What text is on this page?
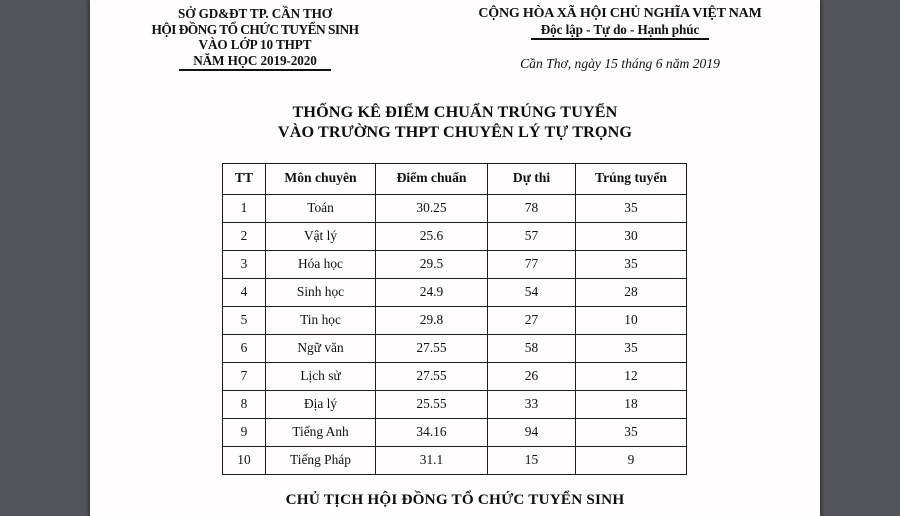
SỞ GD&ĐT TP. CẦN THƠ
HỘI ĐỒNG TỔ CHỨC TUYỂN SINH
VÀO LỚP 10 THPT
NĂM HỌC 2019-2020
CỘNG HÒA XÃ HỘI CHỦ NGHĨA VIỆT NAM
Độc lập - Tự do - Hạnh phúc
Cần Thơ, ngày 15 tháng 6 năm 2019
THỐNG KÊ ĐIỂM CHUẨN TRÚNG TUYỂN
VÀO TRƯỜNG THPT CHUYÊN LÝ TỰ TRỌNG
TT	Môn chuyên	Điểm chuẩn	Dự thi	Trúng tuyển
1	Toán	30.25	78	35
2	Vật lý	25.6	57	30
3	Hóa học	29.5	77	35
4	Sinh học	24.9	54	28
5	Tin học	29.8	27	10
6	Ngữ văn	27.55	58	35
7	Lịch sử	27.55	26	12
8	Địa lý	25.55	33	18
9	Tiếng Anh	34.16	94	35
10	Tiếng Pháp	31.1	15	9
CHỦ TỊCH HỘI ĐỒNG TỔ CHỨC TUYỂN SINH
